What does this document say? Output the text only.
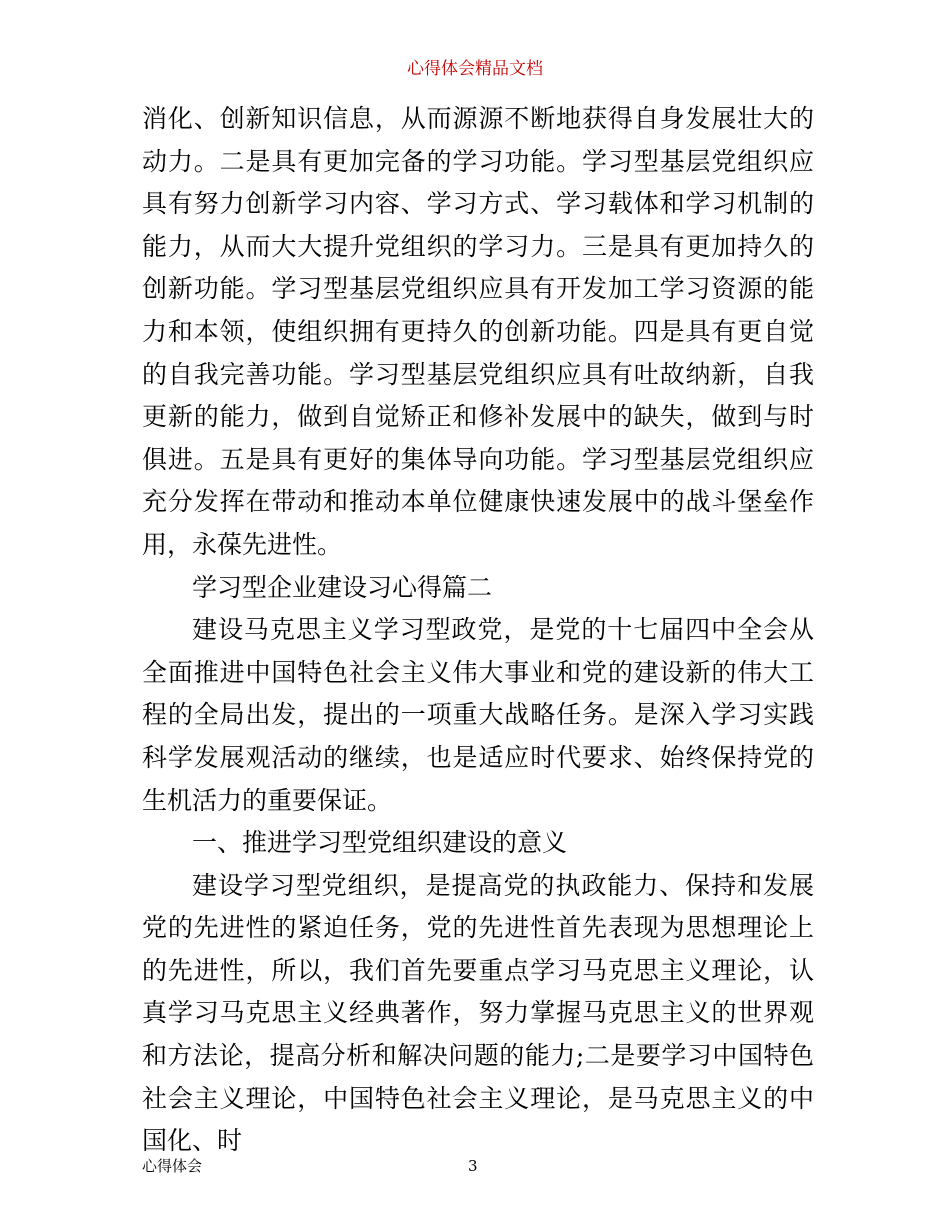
心得体会精品文档

消化、创新知识信息，从而源源不断地获得自身发展壮大的动力。二是具有更加完备的学习功能。学习型基层党组织应具有努力创新学习内容、学习方式、学习载体和学习机制的能力，从而大大提升党组织的学习力。三是具有更加持久的创新功能。学习型基层党组织应具有开发加工学习资源的能力和本领，使组织拥有更持久的创新功能。四是具有更自觉的自我完善功能。学习型基层党组织应具有吐故纳新，自我更新的能力，做到自觉矫正和修补发展中的缺失，做到与时俱进。五是具有更好的集体导向功能。学习型基层党组织应充分发挥在带动和推动本单位健康快速发展中的战斗堡垒作用，永葆先进性。

学习型企业建设习心得篇二

建设马克思主义学习型政党，是党的十七届四中全会从全面推进中国特色社会主义伟大事业和党的建设新的伟大工程的全局出发，提出的一项重大战略任务。是深入学习实践科学发展观活动的继续，也是适应时代要求、始终保持党的生机活力的重要保证。

一、推进学习型党组织建设的意义

建设学习型党组织，是提高党的执政能力、保持和发展党的先进性的紧迫任务，党的先进性首先表现为思想理论上的先进性，所以，我们首先要重点学习马克思主义理论，认真学习马克思主义经典著作，努力掌握马克思主义的世界观和方法论，提高分析和解决问题的能力;二是要学习中国特色社会主义理论，中国特色社会主义理论，是马克思主义的中国化、时

心得体会	3
